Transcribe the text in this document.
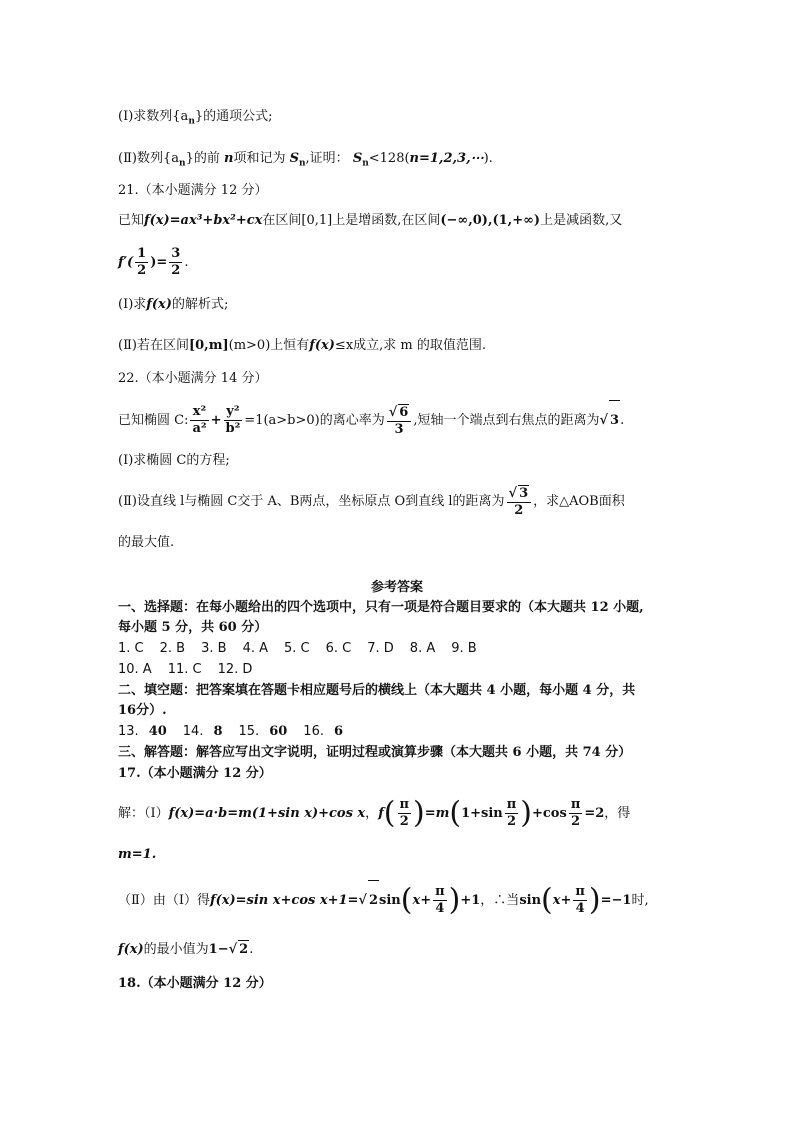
(Ⅰ)求数列$\{a_n\}$的通项公式;
(Ⅱ)数列$\{a_n\}$的前 n项和记为 $S_n$,证明： $S_n<128(n=1,2,3,\cdots)$.
21.（本小题满分 12 分）
已知f(x)=ax³+bx²+cx在区间[0,1]上是增函数,在区间(−∞,0),(1,+∞)上是减函数,又
$f'( \frac{1}{2}$ )= $\frac{3}{2}$ .
(Ⅰ)求f(x)的解析式;
(Ⅱ)若在区间[0,m](m>0)上恒有f(x)≤x成立,求 m 的取值范围.
22.（本小题满分 14 分）
已知椭圆 C: $\frac{\text{x²}}{\text{a²}} + \frac{\text{y²}}{\text{b²}} =1(a>b>0)$的离心率为 $\frac{√ 6}{3}$ ,短轴一个端点到右焦点的距离为√ 3.
(Ⅰ)求椭圆 C的方程;
(Ⅱ)设直线 l与椭圆 C交于 A、B两点，坐标原点 O到直线 l的距离为 $\frac{√ 3}{2}$ ，求△AOB面积
的最大值.
参考答案
一、选择题：在每小题给出的四个选项中，只有一项是符合题目要求的（本大题共 12 小题,
每小题 5 分，共 60 分）
1. C 2. B 3. B 4. A 5. C 6. C 7. D 8. A 9. B
10. A 11. C 12. D
二、填空题：把答案填在答题卡相应题号后的横线上（本大题共 4 小题，每小题 4 分，共
16分）.
13. 40 14. 8 15. 60 16. 6
三、解答题：解答应写出文字说明，证明过程或演算步骤（本大题共 6 小题，共 74 分）
17.（本小题满分 12 分）
解：（Ⅰ）f(x)=a·b=m(1+sin x)+cos x，$f( \frac{\pi}{2} )=m(1+\sin \frac{\pi}{2} )+\cos \frac{\pi}{2} =2$，得
m=1.
（Ⅱ）由（Ⅰ）得f(x)=sin x+cos x+1=√ $2\sin(x+ \frac{\pi}{4} )+1$，∴当$\sin(x+ \frac{\pi}{4} )=-1$时,
f(x)的最小值为1−√ 2.
18.（本小题满分 12 分）
